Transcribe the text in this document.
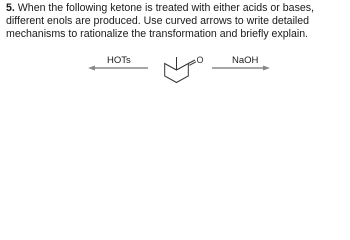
5. When the following ketone is treated with either acids or bases, different enols are produced. Use curved arrows to write detailed mechanisms to rationalize the transformation and briefly explain.

O
HOTs	NaOH
